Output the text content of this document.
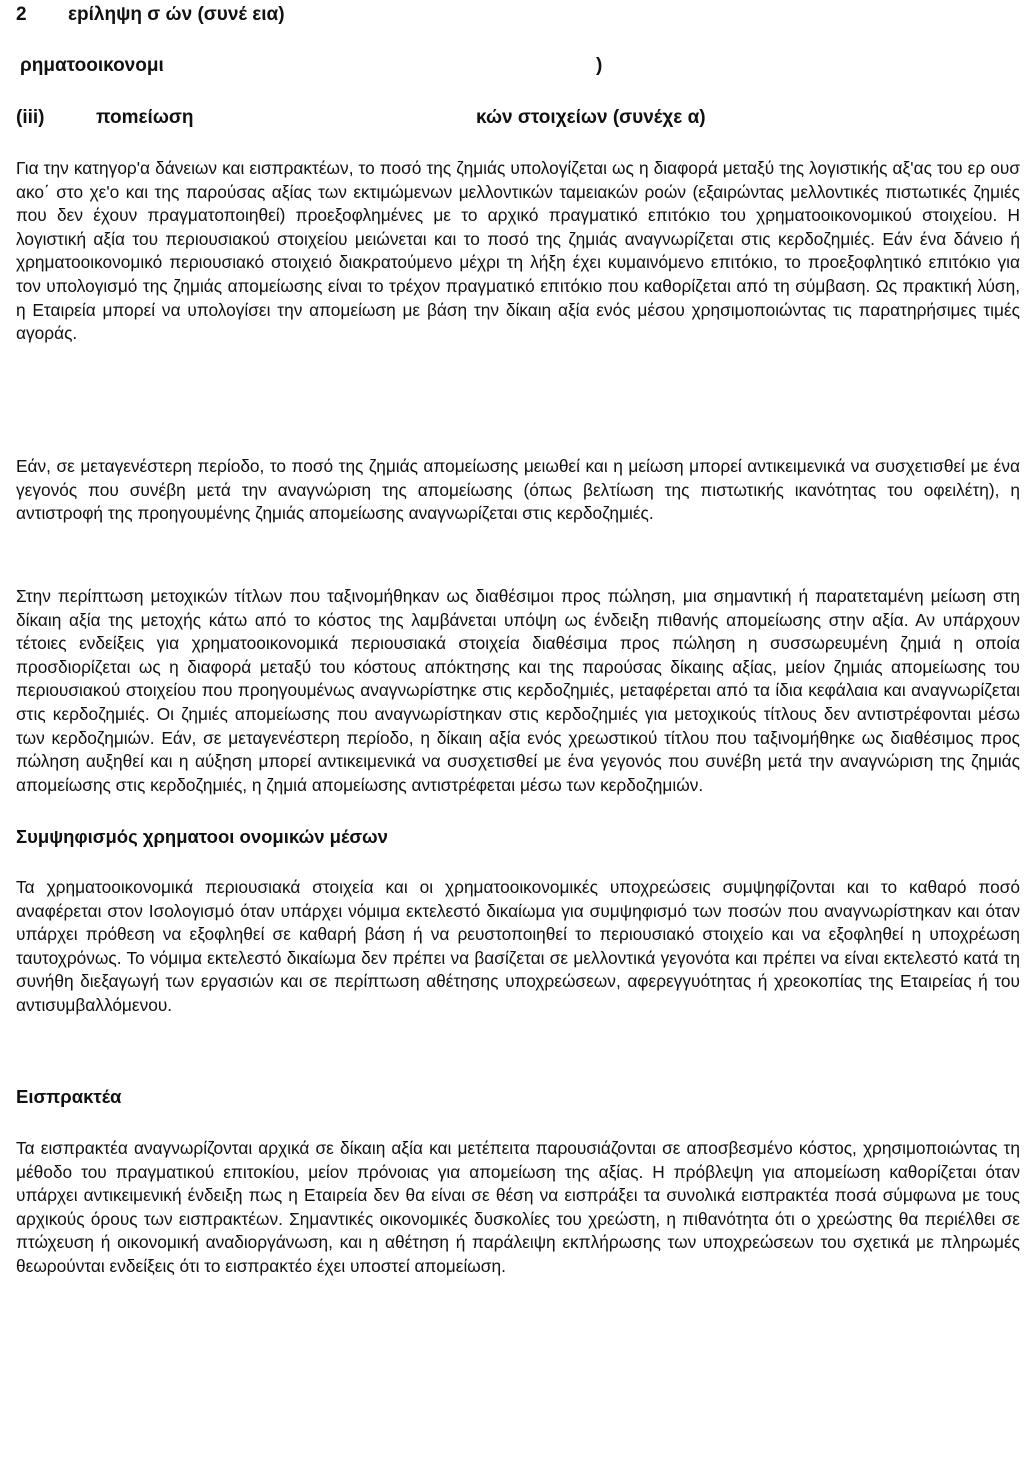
2 εpίληψη σ ών (συνέ εια)
ρηματοοικονομι	)
(iii)	ποmείωση	κών στοιχείων (συνέχε α)

Για την κατηγορ'α δάνειων και εισπρακτέων, το ποσό της ζημιάς υπολογίζεται ως η διαφορά μεταξύ της λογιστικής αξ'ας του ερ ουσ ακο΄ στο χε'ο και της παρούσας αξίας των εκτιμώμενων μελλοντικών ταμειακών ροών (εξαιρώντας μελλοντικές πιστωτικές ζημιές που δεν έχουν πραγματοποιηθεί) προεξοφλημένες με το αρχικό πραγματικό επιτόκιο του χρηματοοικονομικού στοιχείου. Η λογιστική αξία του περιουσιακού στοιχείου μειώνεται και το ποσό της ζημιάς αναγνωρίζεται στις κερδοζημιές. Εάν ένα δάνειο ή χρηματοοικονομικό περιουσιακό στοιχειό διακρατούμενο μέχρι τη λήξη έχει κυμαινόμενο επιτόκιο, το προεξοφλητικό επιτόκιο για τον υπολογισμό της ζημιάς απομείωσης είναι το τρέχον πραγματικό επιτόκιο που καθορίζεται από τη σύμβαση. Ως πρακτική λύση, η Εταιρεία μπορεί να υπολογίσει την απομείωση με βάση την δίκαιη αξία ενός μέσου χρησιμοποιώντας τις παρατηρήσιμες τιμές αγοράς.

Εάν, σε μεταγενέστερη περίοδο, το ποσό της ζημιάς απομείωσης μειωθεί και η μείωση μπορεί αντικειμενικά να συσχετισθεί με ένα γεγονός που συνέβη μετά την αναγνώριση της απομείωσης (όπως βελτίωση της πιστωτικής ικανότητας του οφειλέτη), η αντιστροφή της προηγουμένης ζημιάς απομείωσης αναγνωρίζεται στις κερδοζημιές.

Στην περίπτωση μετοχικών τίτλων που ταξινομήθηκαν ως διαθέσιμοι προς πώληση, μια σημαντική ή παρατεταμένη μείωση στη δίκαιη αξία της μετοχής κάτω από το κόστος της λαμβάνεται υπόψη ως ένδειξη πιθανής απομείωσης στην αξία. Αν υπάρχουν τέτοιες ενδείξεις για χρηματοοικονομικά περιουσιακά στοιχεία διαθέσιμα προς πώληση η συσσωρευμένη ζημιά η οποία προσδιορίζεται ως η διαφορά μεταξύ του κόστους απόκτησης και της παρούσας δίκαιης αξίας, μείον ζημιάς απομείωσης του περιουσιακού στοιχείου που προηγουμένως αναγνωρίστηκε στις κερδοζημιές, μεταφέρεται από τα ίδια κεφάλαια και αναγνωρίζεται στις κερδοζημιές. Οι ζημιές απομείωσης που αναγνωρίστηκαν στις κερδοζημιές για μετοχικούς τίτλους δεν αντιστρέφονται μέσω των κερδοζημιών. Εάν, σε μεταγενέστερη περίοδο, η δίκαιη αξία ενός χρεωστικού τίτλου που ταξινομήθηκε ως διαθέσιμος προς πώληση αυξηθεί και η αύξηση μπορεί αντικειμενικά να συσχετισθεί με ένα γεγονός που συνέβη μετά την αναγνώριση της ζημιάς απομείωσης στις κερδοζημιές, η ζημιά απομείωσης αντιστρέφεται μέσω των κερδοζημιών.

Συμψηφισμός χρηματοοι ονομικών μέσων

Τα χρηματοοικονομικά περιουσιακά στοιχεία και οι χρηματοοικονομικές υποχρεώσεις συμψηφίζονται και το καθαρό ποσό αναφέρεται στον Ισολογισμό όταν υπάρχει νόμιμα εκτελεστό δικαίωμα για συμψηφισμό των ποσών που αναγνωρίστηκαν και όταν υπάρχει πρόθεση να εξοφληθεί σε καθαρή βάση ή να ρευστοποιηθεί το περιουσιακό στοιχείο και να εξοφληθεί η υποχρέωση ταυτοχρόνως. Το νόμιμα εκτελεστό δικαίωμα δεν πρέπει να βασίζεται σε μελλοντικά γεγονότα και πρέπει να είναι εκτελεστό κατά τη συνήθη διεξαγωγή των εργασιών και σε περίπτωση αθέτησης υποχρεώσεων, αφερεγγυότητας ή χρεοκοπίας της Εταιρείας ή του αντισυμβαλλόμενου.

Εισπρακτέα

Τα εισπρακτέα αναγνωρίζονται αρχικά σε δίκαιη αξία και μετέπειτα παρουσιάζονται σε αποσβεσμένο κόστος, χρησιμοποιώντας τη μέθοδο του πραγματικού επιτοκίου, μείον πρόνοιας για απομείωση της αξίας. Η πρόβλεψη για απομείωση καθορίζεται όταν υπάρχει αντικειμενική ένδειξη πως η Εταιρεία δεν θα είναι σε θέση να εισπράξει τα συνολικά εισπρακτέα ποσά σύμφωνα με τους αρχικούς όρους των εισπρακτέων. Σημαντικές οικονομικές δυσκολίες του χρεώστη, η πιθανότητα ότι ο χρεώστης θα περιέλθει σε πτώχευση ή οικονομική αναδιοργάνωση, και η αθέτηση ή παράλειψη εκπλήρωσης των υποχρεώσεων του σχετικά με πληρωμές θεωρούνται ενδείξεις ότι το εισπρακτέο έχει υποστεί απομείωση.
